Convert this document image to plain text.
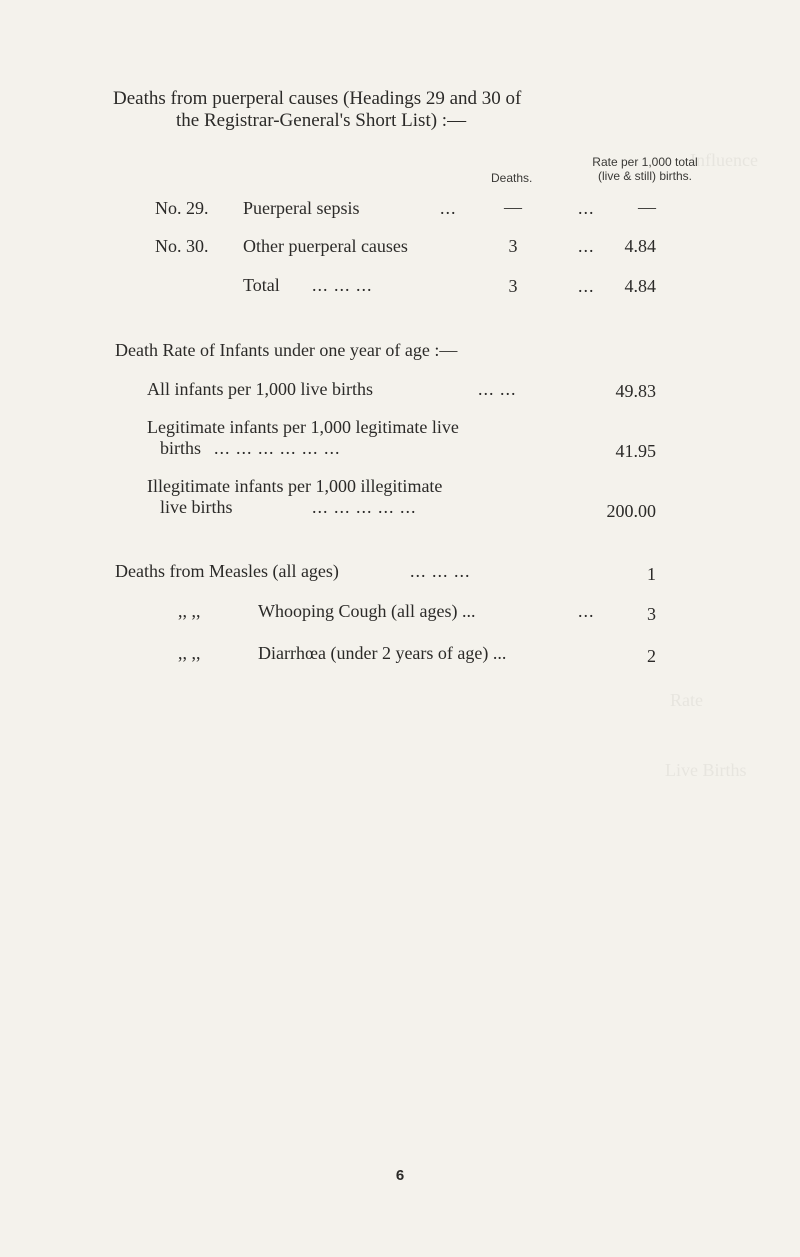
Influence
Rate
Live Births
Deaths from puerperal causes (Headings 29 and 30 of
the Registrar-General's Short List) :—
Deaths.
Rate per 1,000 total
(live & still) births.
No. 29. Puerperal sepsis	...	—	...	—
No. 30. Other puerperal causes	3	...	4.84
Total ... ... ...	3	...	4.84
Death Rate of Infants under one year of age :—
All infants per 1,000 live births	... ...	49.83
Legitimate infants per 1,000 legitimate live
births ... ... ... ... ... ...	41.95
Illegitimate infants per 1,000 illegitimate
live births	... ... ... ... ...	200.00
Deaths from Measles (all ages)	... ... ...	1
,, ,,	Whooping Cough (all ages) ...	...	3
,, ,,	Diarrhœa (under 2 years of age) ...	2
6
